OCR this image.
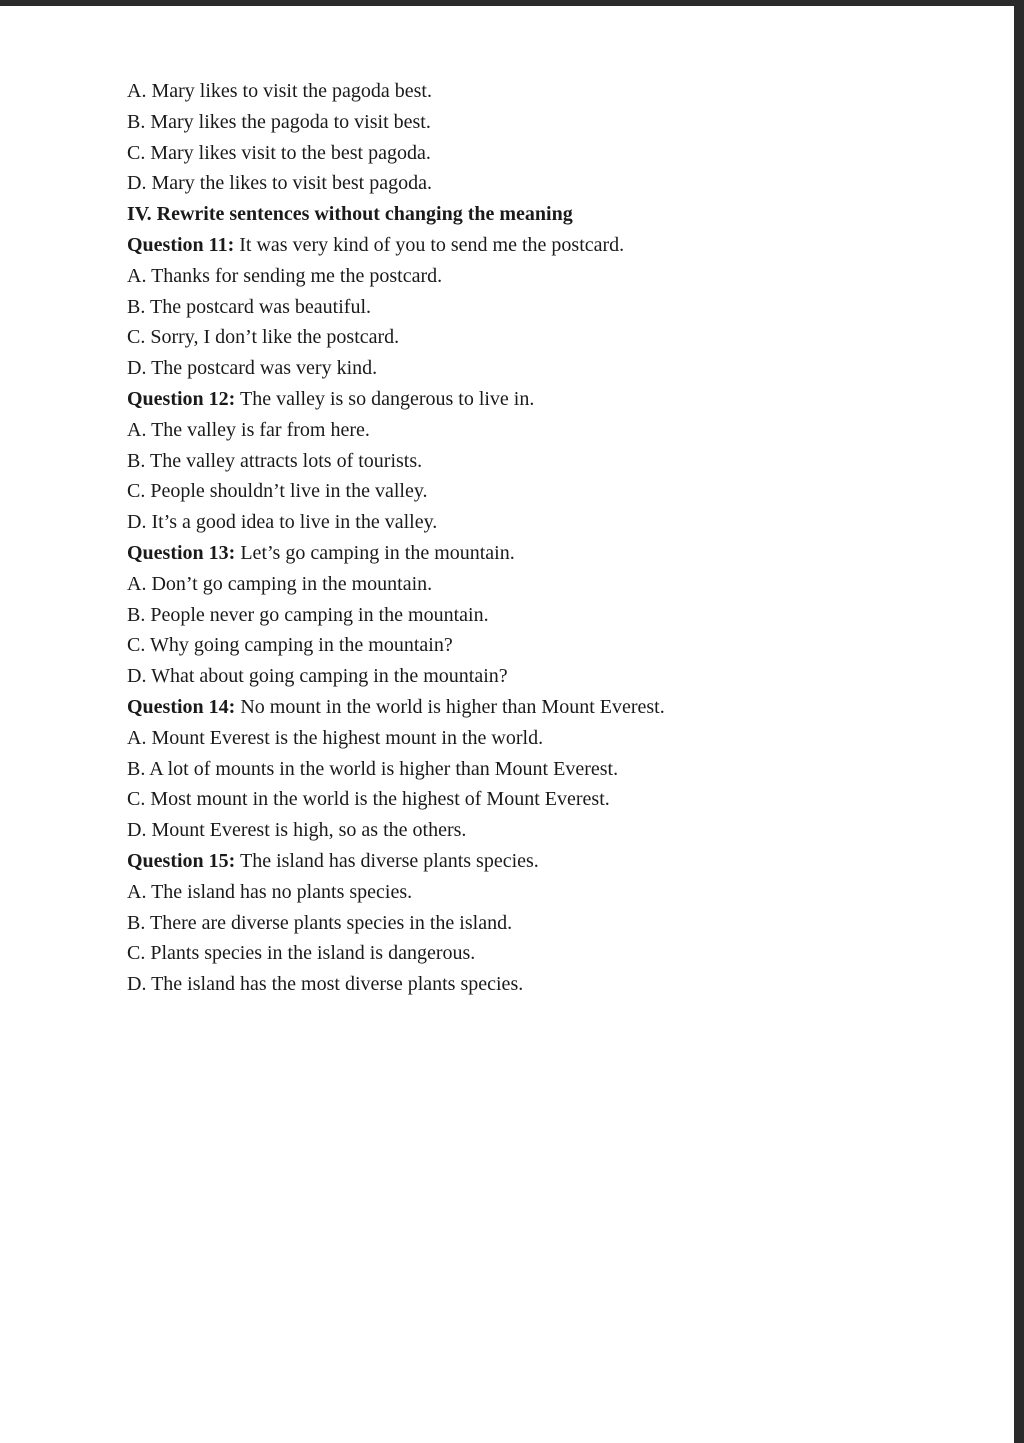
A. Mary likes to visit the pagoda best.
B. Mary likes the pagoda to visit best.
C. Mary likes visit to the best pagoda.
D. Mary the likes to visit best pagoda.
IV. Rewrite sentences without changing the meaning
Question 11: It was very kind of you to send me the postcard.
A. Thanks for sending me the postcard.
B. The postcard was beautiful.
C. Sorry, I don’t like the postcard.
D. The postcard was very kind.
Question 12: The valley is so dangerous to live in.
A. The valley is far from here.
B. The valley attracts lots of tourists.
C. People shouldn’t live in the valley.
D. It’s a good idea to live in the valley.
Question 13: Let’s go camping in the mountain.
A. Don’t go camping in the mountain.
B. People never go camping in the mountain.
C. Why going camping in the mountain?
D. What about going camping in the mountain?
Question 14: No mount in the world is higher than Mount Everest.
A. Mount Everest is the highest mount in the world.
B. A lot of mounts in the world is higher than Mount Everest.
C. Most mount in the world is the highest of Mount Everest.
D. Mount Everest is high, so as the others.
Question 15: The island has diverse plants species.
A. The island has no plants species.
B. There are diverse plants species in the island.
C. Plants species in the island is dangerous.
D. The island has the most diverse plants species.
